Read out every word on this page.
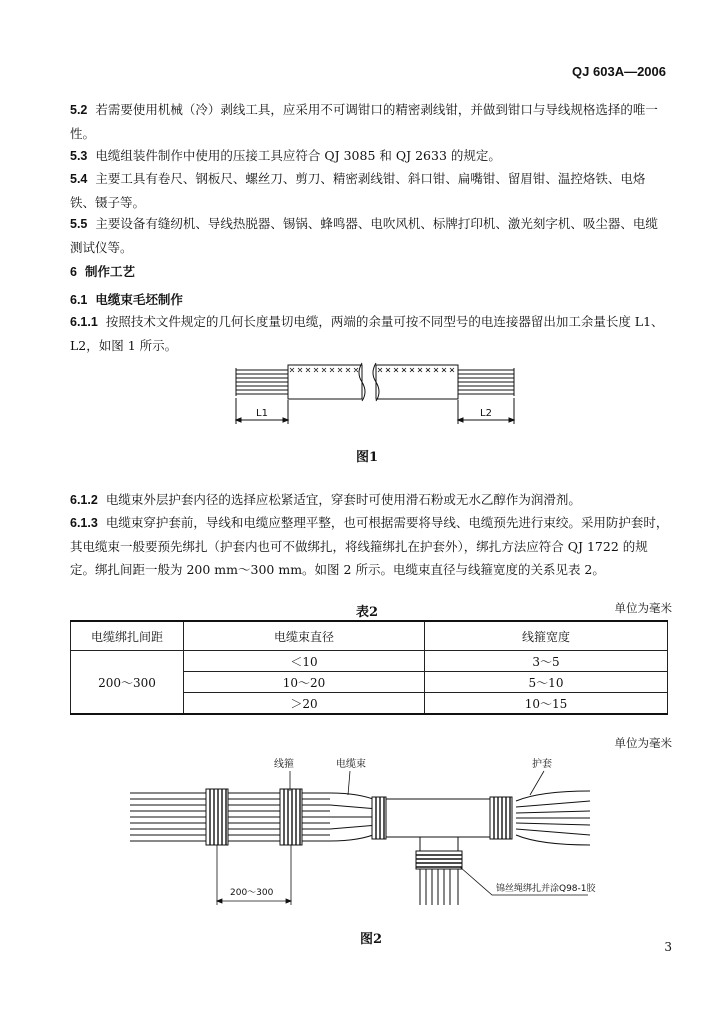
QJ 603A—2006

5.2 若需要使用机械（冷）剥线工具，应采用不可调钳口的精密剥线钳，并做到钳口与导线规格选择的唯一性。

5.3 电缆组装件制作中使用的压接工具应符合 QJ 3085 和 QJ 2633 的规定。

5.4 主要工具有卷尺、钢板尺、螺丝刀、剪刀、精密剥线钳、斜口钳、扁嘴钳、留眉钳、温控烙铁、电烙铁、镊子等。

5.5 主要设备有缝纫机、导线热脱器、锡锅、蜂鸣器、电吹风机、标牌打印机、激光刻字机、吸尘器、电缆测试仪等。

6 制作工艺
6.1 电缆束毛坯制作

6.1.1 按照技术文件规定的几何长度量切电缆，两端的余量可按不同型号的电连接器留出加工余量长度 L1、L2，如图 1 所示。

L1	L2
图1

6.1.2 电缆束外层护套内径的选择应松紧适宜，穿套时可使用滑石粉或无水乙醇作为润滑剂。

6.1.3 电缆束穿护套前，导线和电缆应整理平整，也可根据需要将导线、电缆预先进行束绞。采用防护套时，其电缆束一般要预先绑扎（护套内也可不做绑扎，将线箍绑扎在护套外），绑扎方法应符合 QJ 1722 的规定。绑扎间距一般为 200 mm～300 mm。如图 2 所示。电缆束直径与线箍宽度的关系见表 2。

表2	单位为毫米
电缆绑扎间距	电缆束直径	线箍宽度
200～300	＜10	3～5
	10～20	5～10
	＞20	10～15
单位为毫米
线箍	电缆束	护套
200～300	锦丝绳绑扎并涂Q98-1胶
图2	3
